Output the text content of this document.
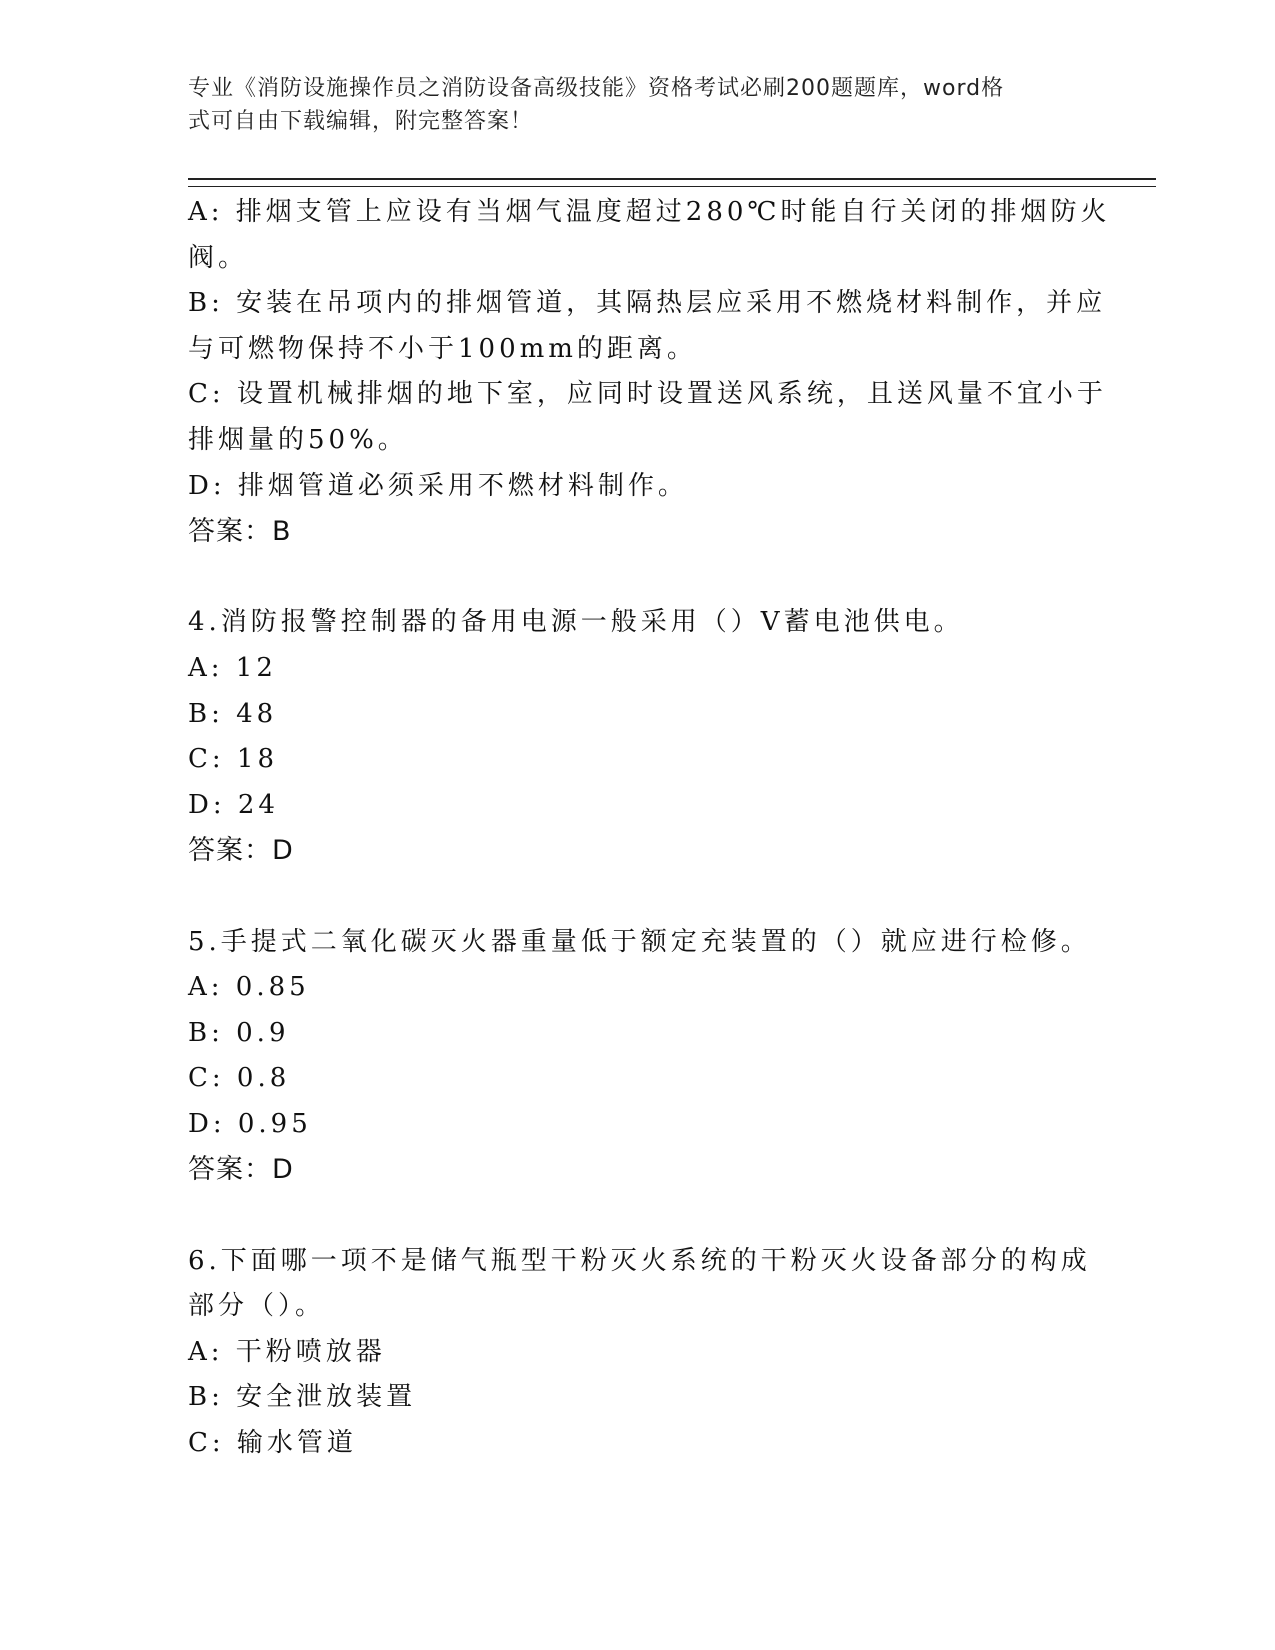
专业《消防设施操作员之消防设备高级技能》资格考试必刷200题题库，word格
式可自由下载编辑，附完整答案！
A: 排烟支管上应设有当烟气温度超过280℃时能自行关闭的排烟防火
阀。
B: 安装在吊项内的排烟管道，其隔热层应采用不燃烧材料制作，并应
与可燃物保持不小于100mm的距离。
C: 设置机械排烟的地下室，应同时设置送风系统，且送风量不宜小于
排烟量的50%。
D: 排烟管道必须采用不燃材料制作。
答案：B
4.消防报警控制器的备用电源一般采用（）V蓄电池供电。
A: 12
B: 48
C: 18
D: 24
答案：D
5.手提式二氧化碳灭火器重量低于额定充装置的（）就应进行检修。
A: 0.85
B: 0.9
C: 0.8
D: 0.95
答案：D
6.下面哪一项不是储气瓶型干粉灭火系统的干粉灭火设备部分的构成
部分（）。
A: 干粉喷放器
B: 安全泄放装置
C: 输水管道
